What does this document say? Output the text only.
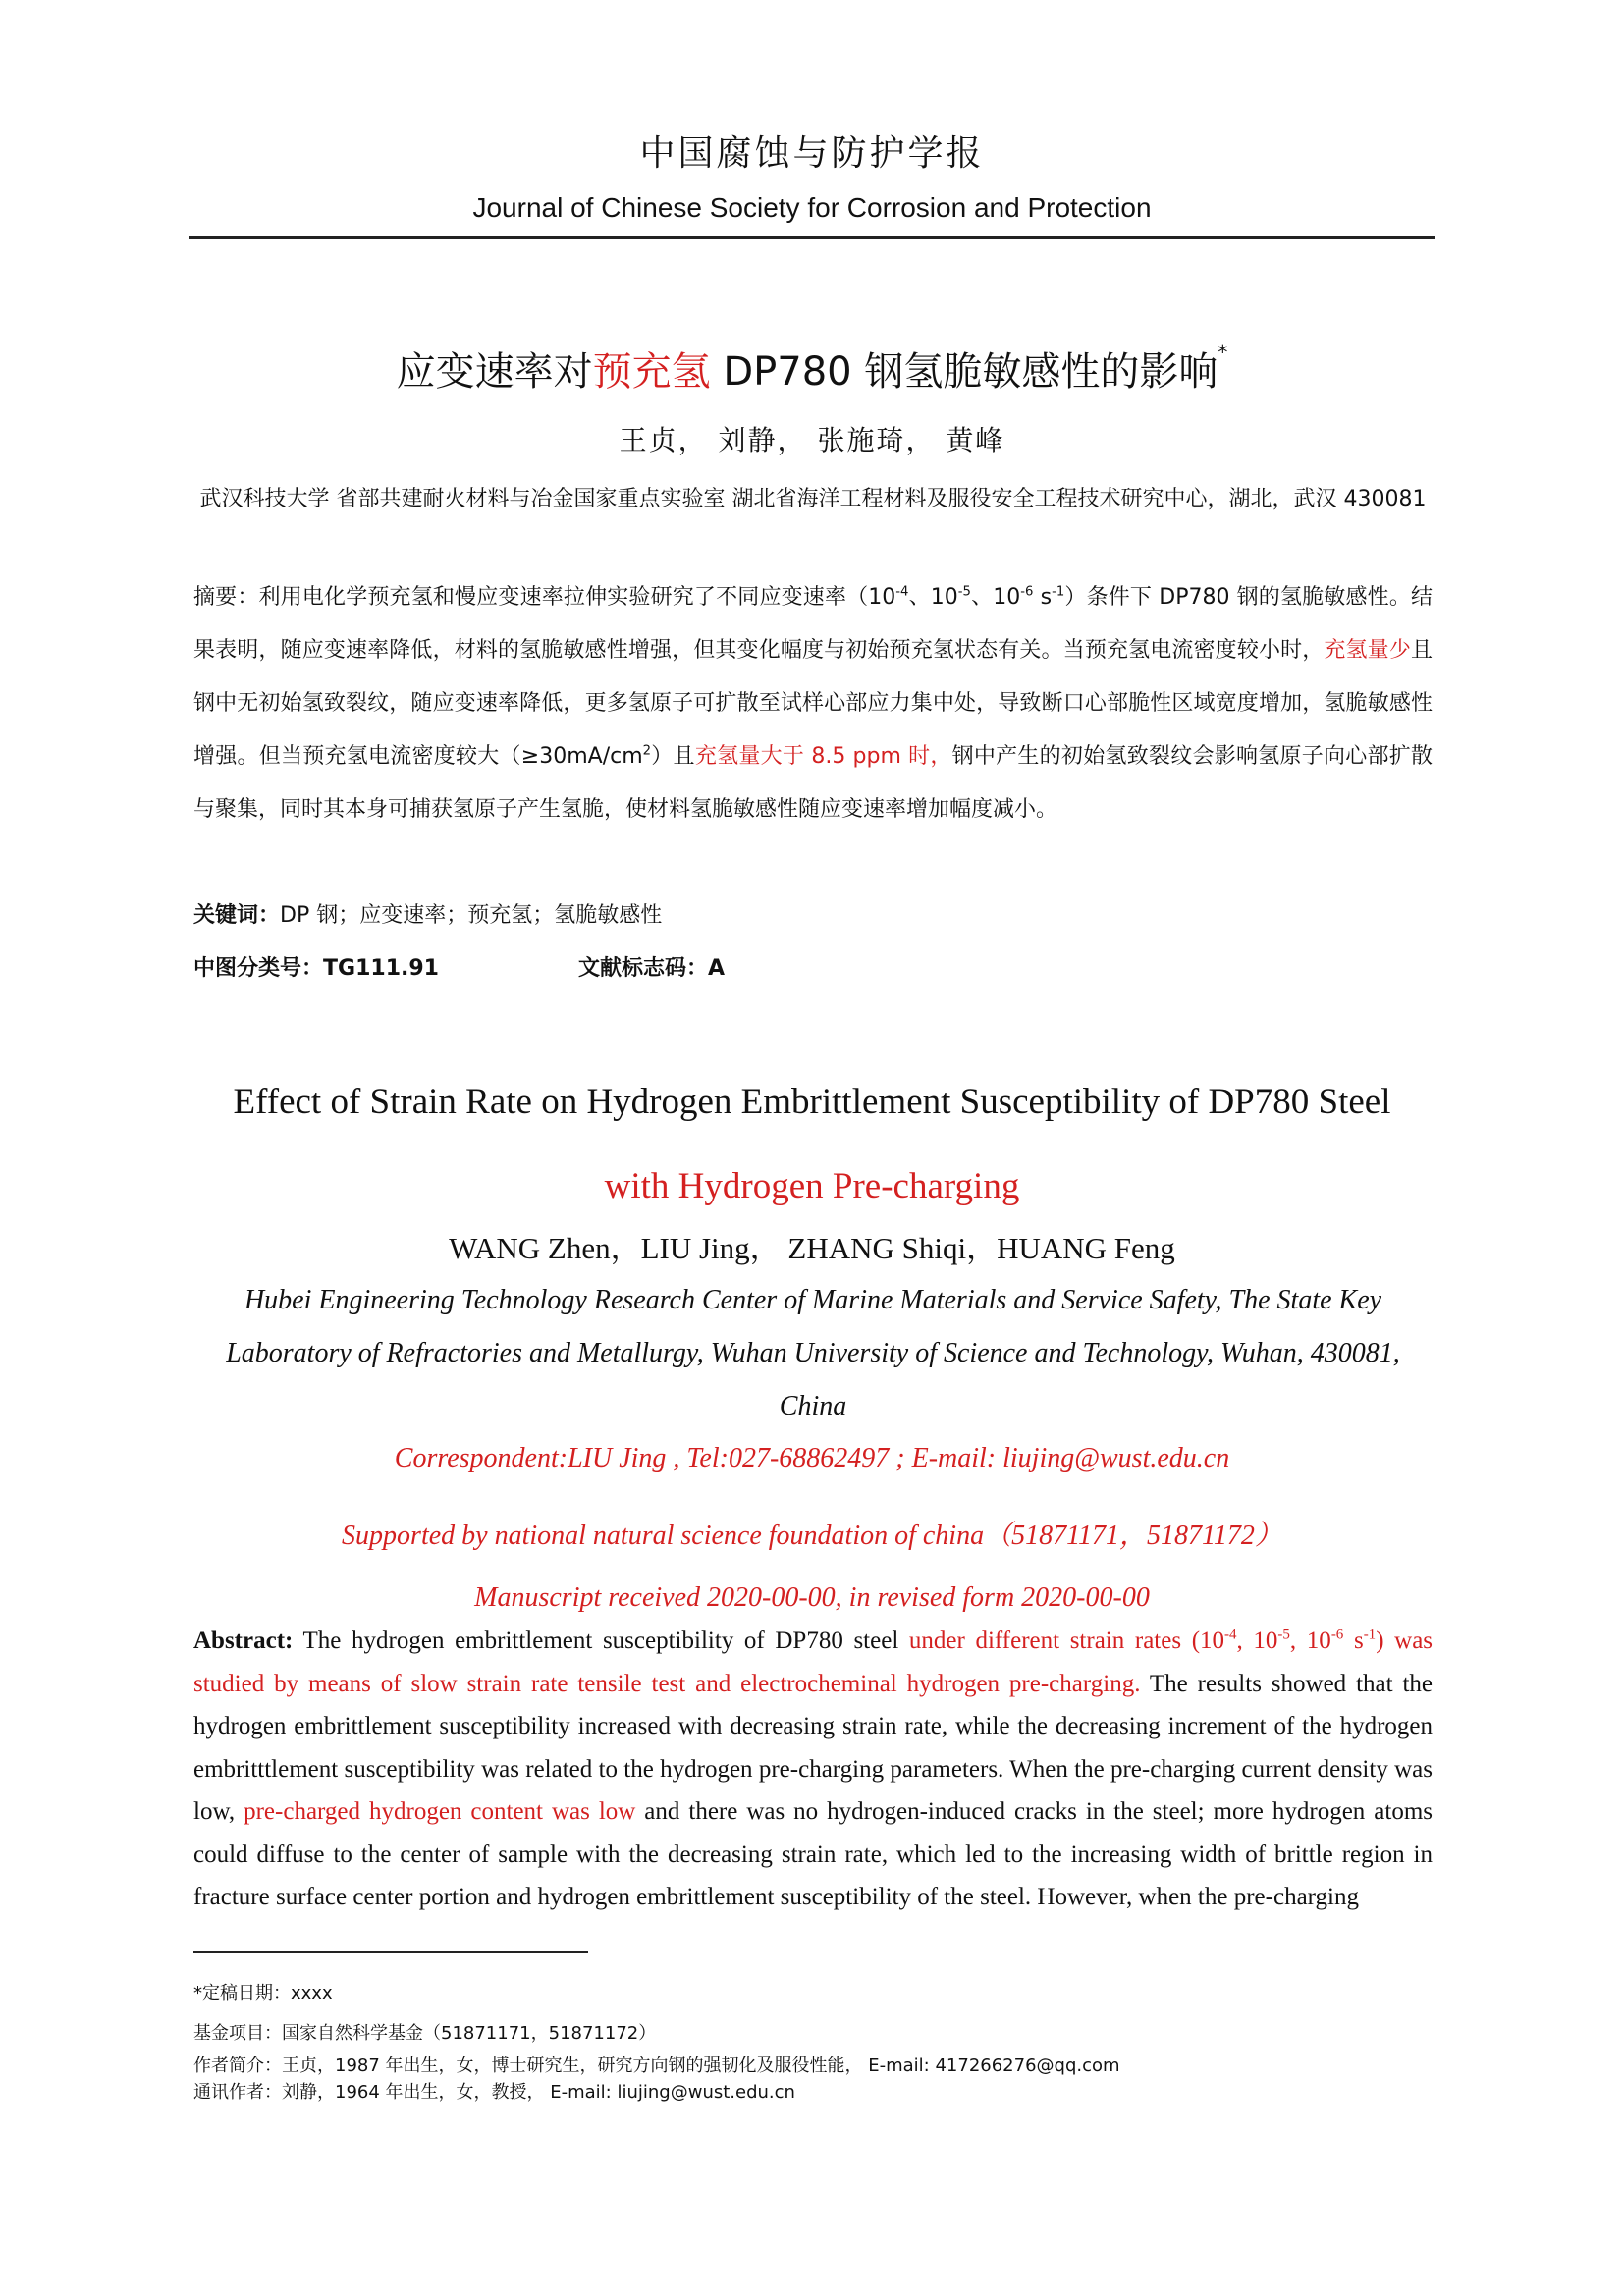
中国腐蚀与防护学报
Journal of Chinese Society for Corrosion and Protection
应变速率对预充氢 DP780 钢氢脆敏感性的影响*
王贞， 刘静， 张施琦， 黄峰
武汉科技大学 省部共建耐火材料与冶金国家重点实验室 湖北省海洋工程材料及服役安全工程技术研究中心，湖北，武汉 430081
摘要：利用电化学预充氢和慢应变速率拉伸实验研究了不同应变速率（$10^{-4}$、$10^{-5}$、$10^{-6}$ $s^{-1}$）条件下 DP780 钢的氢脆敏感性。结果表明，随应变速率降低，材料的氢脆敏感性增强，但其变化幅度与初始预充氢状态有关。当预充氢电流密度较小时，充氢量少且钢中无初始氢致裂纹，随应变速率降低，更多氢原子可扩散至试样心部应力集中处，导致断口心部脆性区域宽度增加，氢脆敏感性增强。但当预充氢电流密度较大$(\ge 30mA/cm^2)$且充氢量大于 8.5 ppm 时，钢中产生的初始氢致裂纹会影响氢原子向心部扩散与聚集，同时其本身可捕获氢原子产生氢脆，使材料氢脆敏感性随应变速率增加幅度减小。
关键词：DP 钢；应变速率；预充氢；氢脆敏感性
中图分类号：TG111.91	文献标志码：A
Effect of Strain Rate on Hydrogen Embrittlement Susceptibility of DP780 Steel
with Hydrogen Pre-charging
WANG Zhen，LIU Jing， ZHANG Shiqi，HUANG Feng
Hubei Engineering Technology Research Center of Marine Materials and Service Safety, The State Key Laboratory of Refractories and Metallurgy, Wuhan University of Science and Technology, Wuhan, 430081, China
Correspondent:LIU Jing , Tel:027-68862497 ; E-mail: liujing@wust.edu.cn
Supported by national natural science foundation of china（51871171，51871172）
Manuscript received 2020-00-00, in revised form 2020-00-00
Abstract: The hydrogen embrittlement susceptibility of DP780 steel under different strain rates ($10^{-4}$, $10^{-5}$, $10^{-6}$ $s^{-1}$) was studied by means of slow strain rate tensile test and electrocheminal hydrogen pre-charging. The results showed that the hydrogen embrittlement susceptibility increased with decreasing strain rate, while the decreasing increment of the hydrogen embritttlement susceptibility was related to the hydrogen pre-charging parameters. When the pre-charging current density was low, pre-charged hydrogen content was low and there was no hydrogen-induced cracks in the steel; more hydrogen atoms could diffuse to the center of sample with the decreasing strain rate, which led to the increasing width of brittle region in fracture surface center portion and hydrogen embrittlement susceptibility of the steel. However, when the pre-charging
*定稿日期：xxxx
基金项目：国家自然科学基金（51871171，51871172）
作者简介：王贞，1987 年出生，女，博士研究生，研究方向钢的强韧化及服役性能， E-mail: 417266276@qq.com
通讯作者：刘静，1964 年出生，女，教授， E-mail: liujing@wust.edu.cn
